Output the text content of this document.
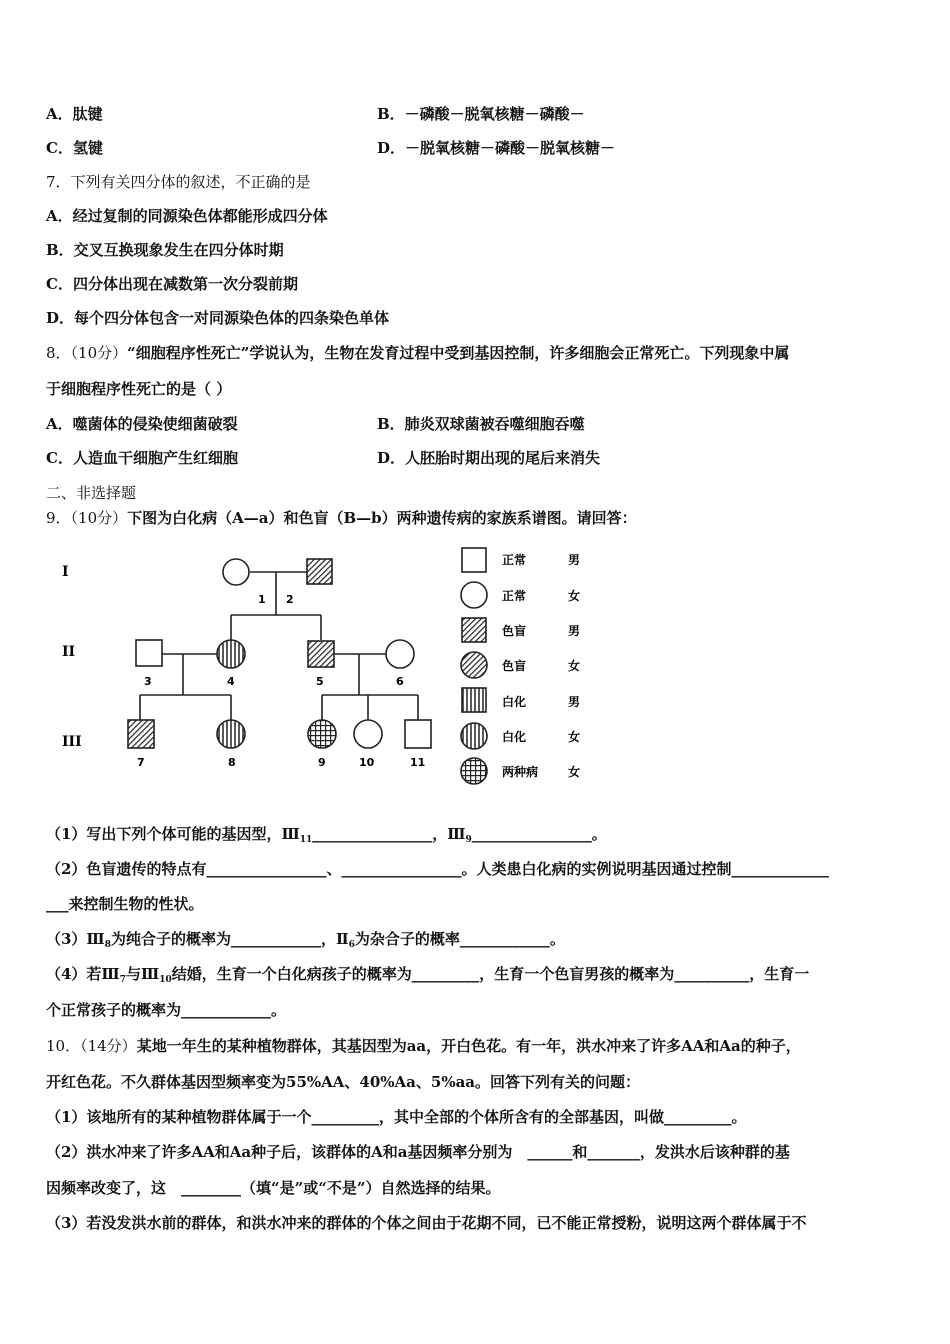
A．肽键	B．－磷酸－脱氧核糖－磷酸－
C．氢键	D．－脱氧核糖－磷酸－脱氧核糖－
7．下列有关四分体的叙述，不正确的是
A．经过复制的同源染色体都能形成四分体
B．交叉互换现象发生在四分体时期
C．四分体出现在减数第一次分裂前期
D．每个四分体包含一对同源染色体的四条染色单体
8．（10分）“细胞程序性死亡”学说认为，生物在发育过程中受到基因控制，许多细胞会正常死亡。下列现象中属
于细胞程序性死亡的是（ ）
A．噬菌体的侵染使细菌破裂	B．肺炎双球菌被吞噬细胞吞噬
C．人造血干细胞产生红细胞	D．人胚胎时期出现的尾后来消失
二、非选择题
9．（10分）下图为白化病（A—a）和色盲（B—b）两种遗传病的家族系谱图。请回答：
I
II
III
1 2
3	4	5	6
7	8	9	10	11
正常	男
正常	女
色盲	男
色盲	女
白化	男
白化	女
两种病 女
（1）写出下列个体可能的基因型，$Ⅲ_{11}\_\_\_\_\_\_\_\_\_\_\_\_\_\_\_\_$，$Ⅲ_9\_\_\_\_\_\_\_\_\_\_\_\_\_\_\_\_$。
（2）色盲遗传的特点有________________、________________。人类患白化病的实例说明基因通过控制_____________
___来控制生物的性状。
$(3)Ⅲ_8$为纯合子的概率为____________，$Ⅱ_6$为杂合子的概率____________。
（4）若$Ⅲ_7$与$Ⅲ_{10}$结婚，生育一个白化病孩子的概率为_________，生育一个色盲男孩的概率为__________，生育一
个正常孩子的概率为____________。
10．（14分）某地一年生的某种植物群体，其基因型为aa，开白色花。有一年，洪水冲来了许多AA和Aa的种子，
开红色花。不久群体基因型频率变为55%AA、40%Aa、5%aa。回答下列有关的问题：
（1）该地所有的某种植物群体属于一个_________，其中全部的个体所含有的全部基因，叫做_________。
（2）洪水冲来了许多AA和Aa种子后，该群体的A和a基因频率分别为　______和_______，发洪水后该种群的基
因频率改变了，这　________（填“是”或“不是”）自然选择的结果。
（3）若没发洪水前的群体，和洪水冲来的群体的个体之间由于花期不同，已不能正常授粉，说明这两个群体属于不
